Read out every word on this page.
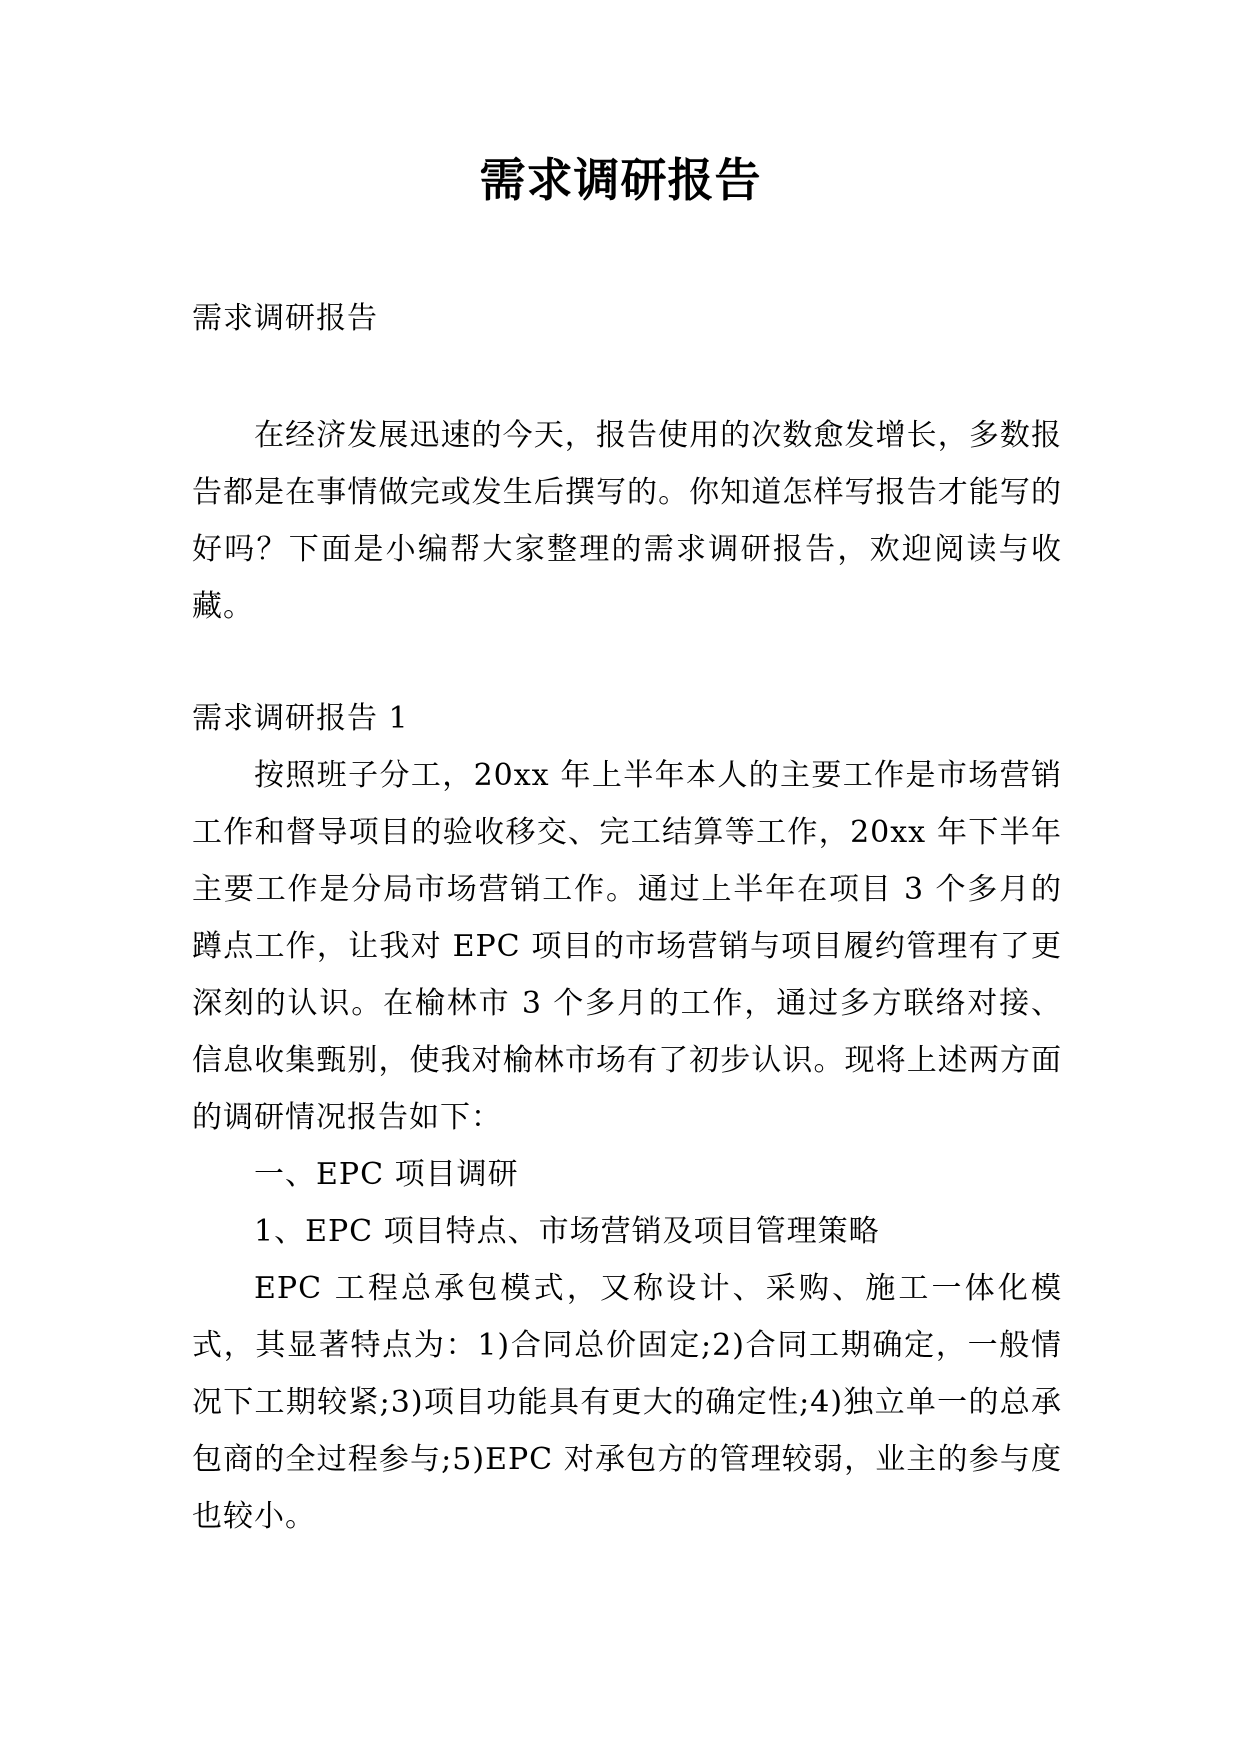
需求调研报告

需求调研报告

在经济发展迅速的今天，报告使用的次数愈发增长，多数报告都是在事情做完或发生后撰写的。你知道怎样写报告才能写的好吗？下面是小编帮大家整理的需求调研报告，欢迎阅读与收藏。

需求调研报告 1

按照班子分工，20xx 年上半年本人的主要工作是市场营销工作和督导项目的验收移交、完工结算等工作，20xx 年下半年主要工作是分局市场营销工作。通过上半年在项目 3 个多月的蹲点工作，让我对 EPC 项目的市场营销与项目履约管理有了更深刻的认识。在榆林市 3 个多月的工作，通过多方联络对接、信息收集甄别，使我对榆林市场有了初步认识。现将上述两方面的调研情况报告如下：

一、EPC 项目调研

1、EPC 项目特点、市场营销及项目管理策略

EPC 工程总承包模式，又称设计、采购、施工一体化模式，其显著特点为：1)合同总价固定;2)合同工期确定，一般情况下工期较紧;3)项目功能具有更大的确定性;4)独立单一的总承包商的全过程参与;5)EPC 对承包方的管理较弱，业主的参与度也较小。
